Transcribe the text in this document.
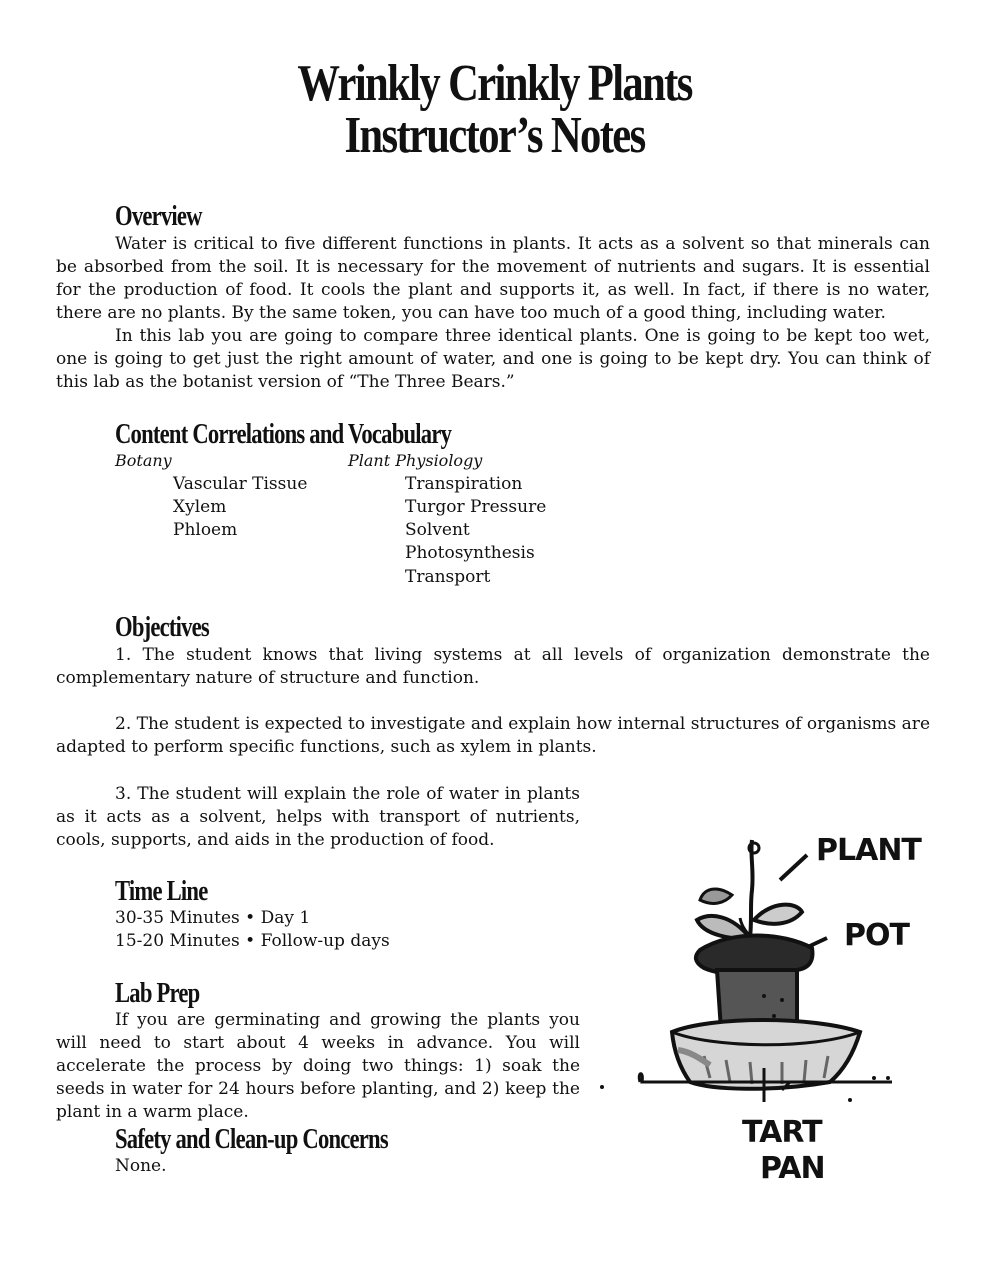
Wrinkly Crinkly Plants
Instructor’s Notes
Overview

Water is critical to five different functions in plants. It acts as a solvent so that minerals can be absorbed from the soil. It is necessary for the movement of nutrients and sugars. It is essential for the production of food. It cools the plant and supports it, as well. In fact, if there is no water, there are no plants. By the same token, you can have too much of a good thing, including water.

In this lab you are going to compare three identical plants. One is going to be kept too wet, one is going to get just the right amount of water, and one is going to be kept dry. You can think of this lab as the botanist version of “The Three Bears.”

Content Correlations and Vocabulary

Botany	Plant Physiology

Vascular Tissue

Xylem

Phloem

Transpiration

Turgor Pressure

Solvent

Photosynthesis

Transport

Objectives

1. The student knows that living systems at all levels of organization demonstrate the complementary nature of structure and function.

2. The student is expected to investigate and explain how internal structures of organisms are adapted to perform specific functions, such as xylem in plants.

3. The student will explain the role of water in plants as it acts as a solvent, helps with transport of nutrients, cools, supports, and aids in the production of food.

Time Line

30-35 Minutes • Day 1

15-20 Minutes • Follow-up days

Lab Prep

If you are germinating and growing the plants you will need to start about 4 weeks in advance. You will accelerate the process by doing two things: 1) soak the seeds in water for 24 hours before planting, and 2) keep the plant in a warm place.

Safety and Clean-up Concerns

None.

PLANT
POT
TART
PAN
